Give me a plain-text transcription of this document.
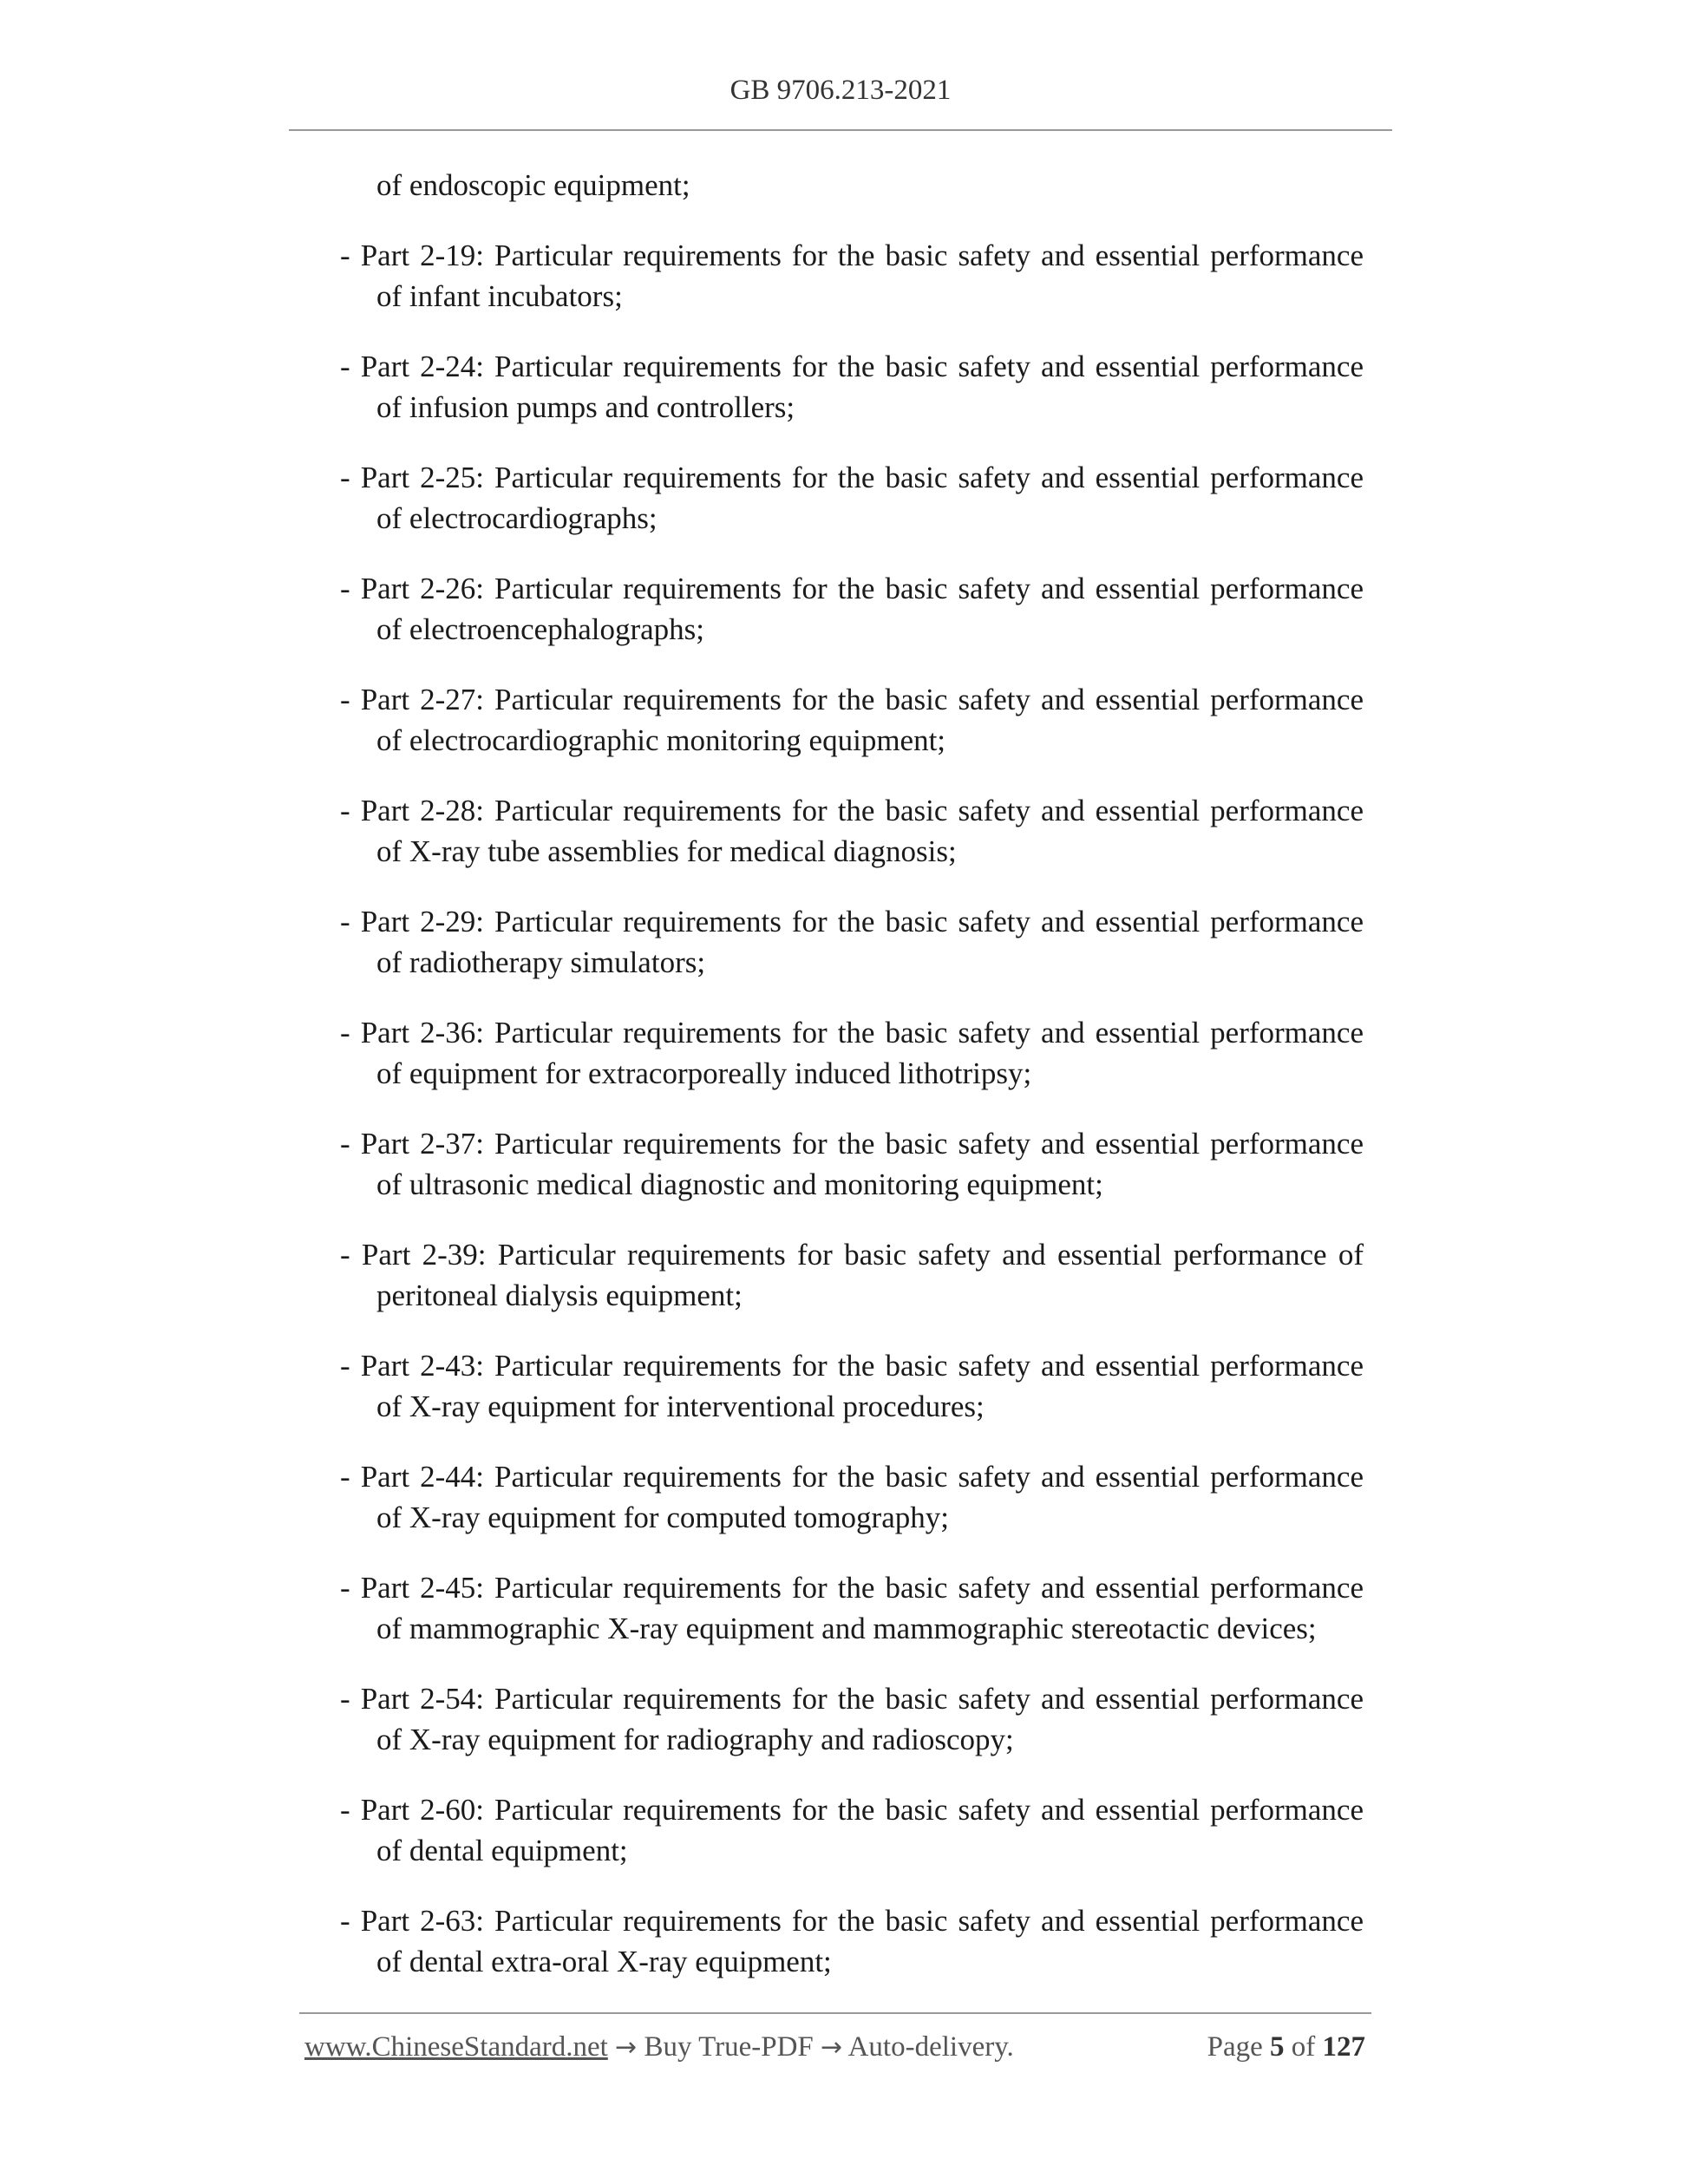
GB 9706.213-2021

of endoscopic equipment;

- Part 2-19: Particular requirements for the basic safety and essential performance of infant incubators;

- Part 2-24: Particular requirements for the basic safety and essential performance of infusion pumps and controllers;

- Part 2-25: Particular requirements for the basic safety and essential performance of electrocardiographs;

- Part 2-26: Particular requirements for the basic safety and essential performance of electroencephalographs;

- Part 2-27: Particular requirements for the basic safety and essential performance of electrocardiographic monitoring equipment;

- Part 2-28: Particular requirements for the basic safety and essential performance of X-ray tube assemblies for medical diagnosis;

- Part 2-29: Particular requirements for the basic safety and essential performance of radiotherapy simulators;

- Part 2-36: Particular requirements for the basic safety and essential performance of equipment for extracorporeally induced lithotripsy;

- Part 2-37: Particular requirements for the basic safety and essential performance of ultrasonic medical diagnostic and monitoring equipment;

- Part 2-39: Particular requirements for basic safety and essential performance of peritoneal dialysis equipment;

- Part 2-43: Particular requirements for the basic safety and essential performance of X-ray equipment for interventional procedures;

- Part 2-44: Particular requirements for the basic safety and essential performance of X-ray equipment for computed tomography;

- Part 2-45: Particular requirements for the basic safety and essential performance of mammographic X-ray equipment and mammographic stereotactic devices;

- Part 2-54: Particular requirements for the basic safety and essential performance of X-ray equipment for radiography and radioscopy;

- Part 2-60: Particular requirements for the basic safety and essential performance of dental equipment;

- Part 2-63: Particular requirements for the basic safety and essential performance of dental extra-oral X-ray equipment;

www.ChineseStandard.net → Buy True-PDF → Auto-delivery.	Page 5 of 127
